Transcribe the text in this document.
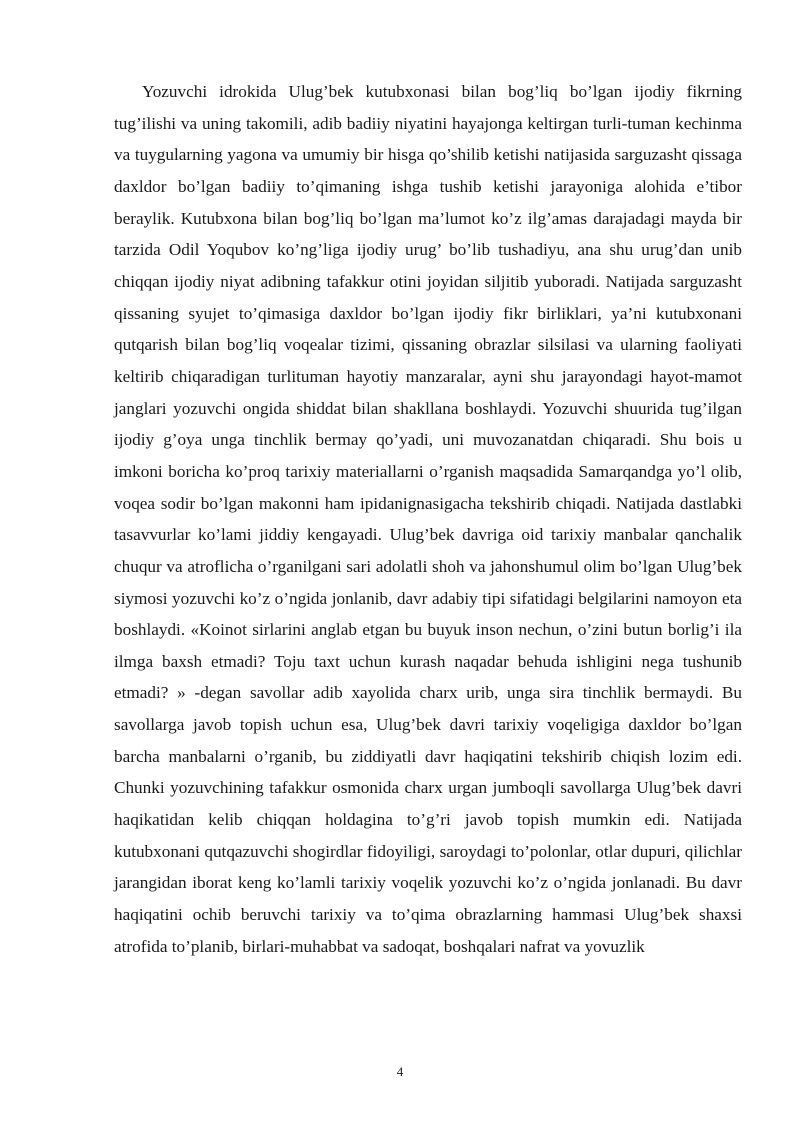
Yozuvchi idrokida Ulug’bek kutubxonasi bilan bog’liq bo’lgan ijodiy fikrning tug’ilishi va uning takomili, adib badiiy niyatini hayajonga keltirgan turli-tuman kechinma va tuygularning yagona va umumiy bir hisga qo’shilib ketishi natijasida sarguzasht qissaga daxldor bo’lgan badiiy to’qimaning ishga tushib ketishi jarayoniga alohida e’tibor beraylik. Kutubxona bilan bog’liq bo’lgan ma’lumot ko’z ilg’amas darajadagi mayda bir tarzida Odil Yoqubov ko’ng’liga ijodiy urug’ bo’lib tushadiyu, ana shu urug’dan unib chiqqan ijodiy niyat adibning tafakkur otini joyidan siljitib yuboradi. Natijada sarguzasht qissaning syujet to’qimasiga daxldor bo’lgan ijodiy fikr birliklari, ya’ni kutubxonani qutqarish bilan bog’liq voqealar tizimi, qissaning obrazlar silsilasi va ularning faoliyati keltirib chiqaradigan turlituman hayotiy manzaralar, ayni shu jarayondagi hayot-mamot janglari yozuvchi ongida shiddat bilan shakllana boshlaydi. Yozuvchi shuurida tug’ilgan ijodiy g’oya unga tinchlik bermay qo’yadi, uni muvozanatdan chiqaradi. Shu bois u imkoni boricha ko’proq tarixiy materiallarni o’rganish maqsadida Samarqandga yo’l olib, voqea sodir bo’lgan makonni ham ipidanignasigacha tekshirib chiqadi. Natijada dastlabki tasavvurlar ko’lami jiddiy kengayadi. Ulug’bek davriga oid tarixiy manbalar qanchalik chuqur va atroflicha o’rganilgani sari adolatli shoh va jahonshumul olim bo’lgan Ulug’bek siymosi yozuvchi ko’z o’ngida jonlanib, davr adabiy tipi sifatidagi belgilarini namoyon eta boshlaydi. «Koinot sirlarini anglab etgan bu buyuk inson nechun, o’zini butun borlig’i ila ilmga baxsh etmadi? Toju taxt uchun kurash naqadar behuda ishligini nega tushunib etmadi? » -degan savollar adib xayolida charx urib, unga sira tinchlik bermaydi. Bu savollarga javob topish uchun esa, Ulug’bek davri tarixiy voqeligiga daxldor bo’lgan barcha manbalarni o’rganib, bu ziddiyatli davr haqiqatini tekshirib chiqish lozim edi. Chunki yozuvchining tafakkur osmonida charx urgan jumboqli savollarga Ulug’bek davri haqikatidan kelib chiqqan holdagina to’g’ri javob topish mumkin edi. Natijada kutubxonani qutqazuvchi shogirdlar fidoyiligi, saroydagi to’polonlar, otlar dupuri, qilichlar jarangidan iborat keng ko’lamli tarixiy voqelik yozuvchi ko’z o’ngida jonlanadi. Bu davr haqiqatini ochib beruvchi tarixiy va to’qima obrazlarning hammasi Ulug’bek shaxsi atrofida to’planib, birlari-muhabbat va sadoqat, boshqalari nafrat va yovuzlik

4
